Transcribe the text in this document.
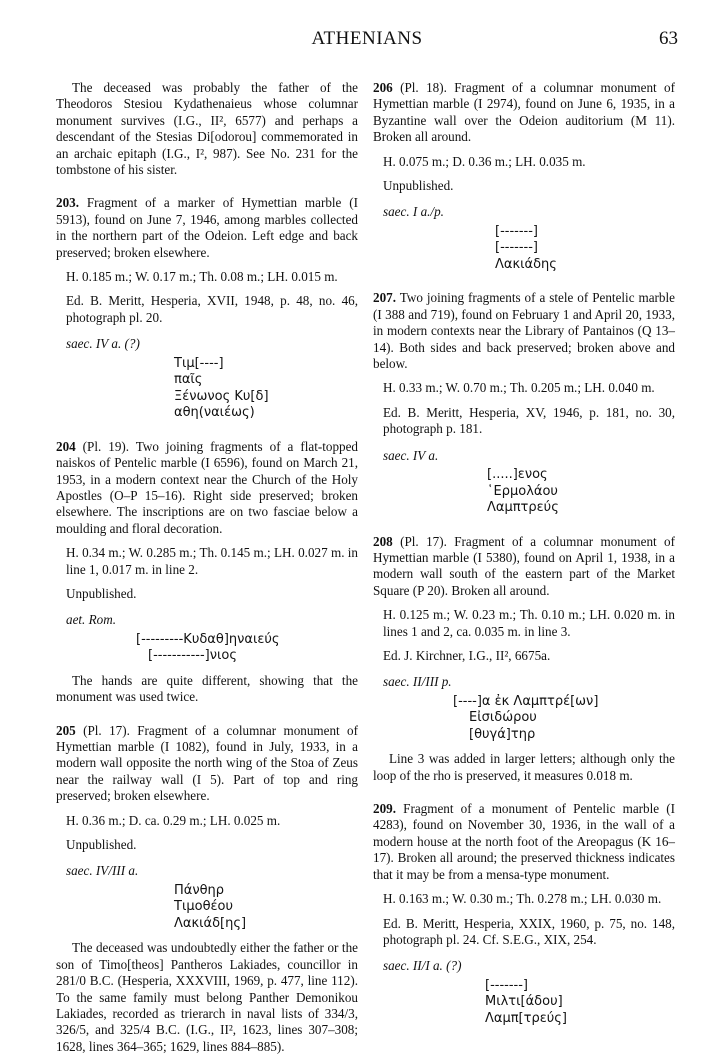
ATHENIANS	63

The deceased was probably the father of the Theodoros Stesiou Kydathenaieus whose columnar monument survives (I.G., II², 6577) and perhaps a descendant of the Stesias Di[odorou] commemorated in an archaic epitaph (I.G., I², 987). See No. 231 for the tombstone of his sister.

203. Fragment of a marker of Hymettian marble (I 5913), found on June 7, 1946, among marbles collected in the northern part of the Odeion. Left edge and back preserved; broken elsewhere.

H. 0.185 m.; W. 0.17 m.; Th. 0.08 m.; LH. 0.015 m.

Ed. B. Meritt, Hesperia, XVII, 1948, p. 48, no. 46, photograph pl. 20.

saec. IV a. (?)
Τιμ[----]
παῖς
Ξένωνος Κυ[δ]
αθη(ναιέως)

204 (Pl. 19). Two joining fragments of a flat-topped naiskos of Pentelic marble (I 6596), found on March 21, 1953, in a modern context near the Church of the Holy Apostles (O–P 15–16). Right side preserved; broken elsewhere. The inscriptions are on two fasciae below a moulding and floral decoration.

H. 0.34 m.; W. 0.285 m.; Th. 0.145 m.; LH. 0.027 m. in line 1, 0.017 m. in line 2.

Unpublished.

aet. Rom.
[---------Κυδαθ]ηναιεύς
[-----------]νιος

The hands are quite different, showing that the monument was used twice.

205 (Pl. 17). Fragment of a columnar monument of Hymettian marble (I 1082), found in July, 1933, in a modern wall opposite the north wing of the Stoa of Zeus near the railway wall (I 5). Part of top and ring preserved; broken elsewhere.

H. 0.36 m.; D. ca. 0.29 m.; LH. 0.025 m.

Unpublished.

saec. IV/III a.
Πάνθηρ
Τιμοθέου
Λακιάδ[ης]

The deceased was undoubtedly either the father or the son of Timo[theos] Pantheros Lakiades, councillor in 281/0 B.C. (Hesperia, XXXVIII, 1969, p. 477, line 112). To the same family must belong Panther Demonikou Lakiades, recorded as trierarch in naval lists of 334/3, 326/5, and 325/4 B.C. (I.G., II², 1623, lines 307–308; 1628, lines 364–365; 1629, lines 884–885).

206 (Pl. 18). Fragment of a columnar monument of Hymettian marble (I 2974), found on June 6, 1935, in a Byzantine wall over the Odeion auditorium (M 11). Broken all around.

H. 0.075 m.; D. 0.36 m.; LH. 0.035 m.

Unpublished.

saec. I a./p.
[-------]
[-------]
Λακιάδης

207. Two joining fragments of a stele of Pentelic marble (I 388 and 719), found on February 1 and April 20, 1933, in modern contexts near the Library of Pantainos (Q 13–14). Both sides and back preserved; broken above and below.

H. 0.33 m.; W. 0.70 m.; Th. 0.205 m.; LH. 0.040 m.

Ed. B. Meritt, Hesperia, XV, 1946, p. 181, no. 30, photograph p. 181.

saec. IV a.
[.....]ενος
῾Ερμολάου
Λαμπτρεύς

208 (Pl. 17). Fragment of a columnar monument of Hymettian marble (I 5380), found on April 1, 1938, in a modern wall south of the eastern part of the Market Square (P 20). Broken all around.

H. 0.125 m.; W. 0.23 m.; Th. 0.10 m.; LH. 0.020 m. in lines 1 and 2, ca. 0.035 m. in line 3.

Ed. J. Kirchner, I.G., II², 6675a.

saec. II/III p.
[----]α ἐκ Λαμπτρέ[ων]
Εἰσιδώρου
[θυγά]τηρ

Line 3 was added in larger letters; although only the loop of the rho is preserved, it measures 0.018 m.

209. Fragment of a monument of Pentelic marble (I 4283), found on November 30, 1936, in the wall of a modern house at the north foot of the Areopagus (K 16–17). Broken all around; the preserved thickness indicates that it may be from a mensa-type monument.

H. 0.163 m.; W. 0.30 m.; Th. 0.278 m.; LH. 0.030 m.

Ed. B. Meritt, Hesperia, XXIX, 1960, p. 75, no. 148, photograph pl. 24. Cf. S.E.G., XIX, 254.

saec. II/I a. (?)
[-------]
Μιλτι[άδου]
Λαμπ[τρεύς]
